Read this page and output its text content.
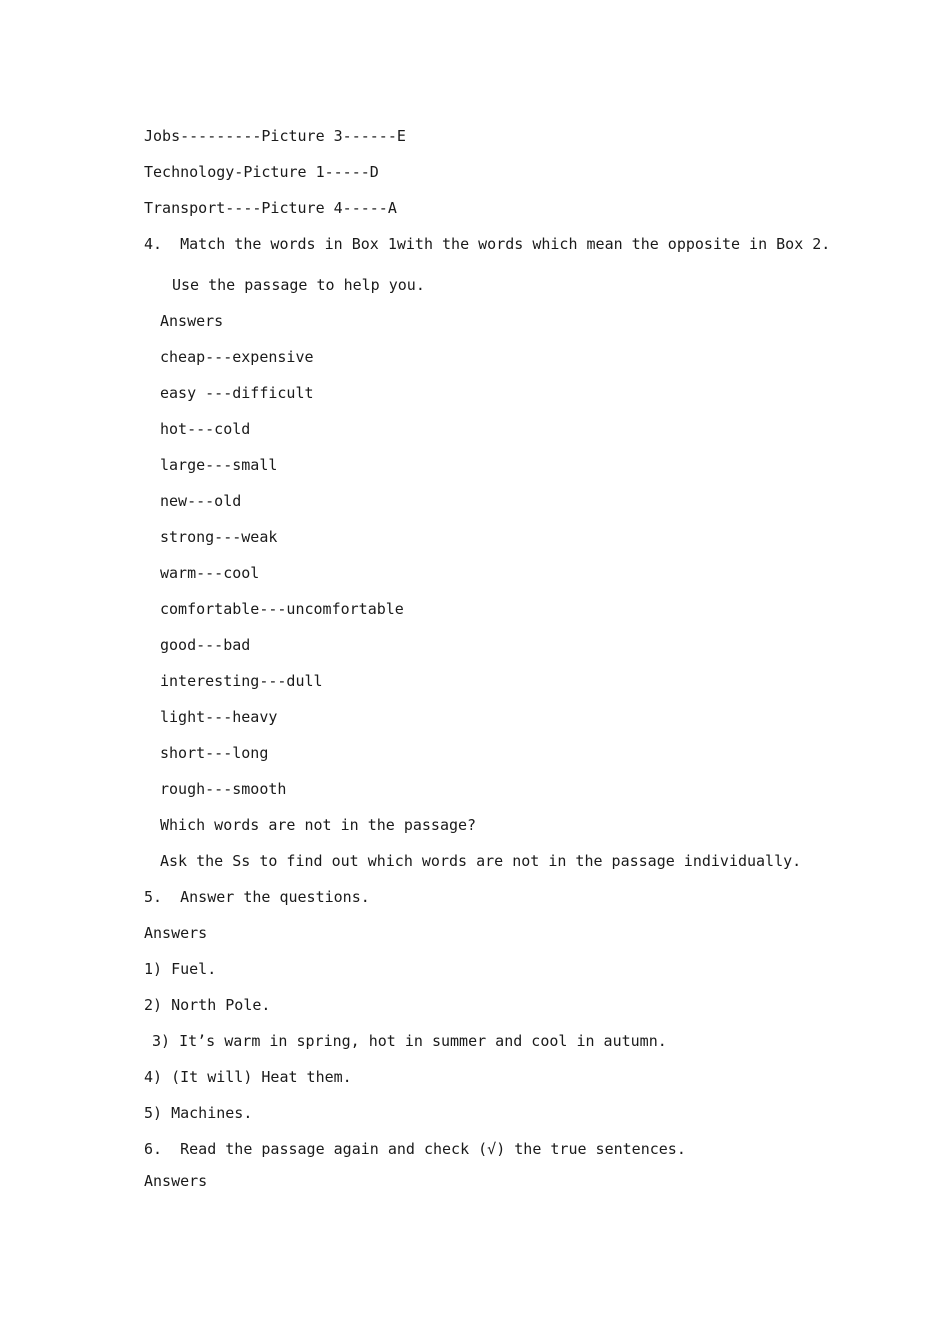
Jobs---------Picture 3------E
Technology-Picture 1-----D
Transport----Picture 4-----A
4.  Match the words in Box 1with the words which mean the opposite in Box 2.
Use the passage to help you.
Answers
cheap---expensive
easy ---difficult
hot---cold
large---small
new---old
strong---weak
warm---cool
comfortable---uncomfortable
good---bad
interesting---dull
light---heavy
short---long
rough---smooth
Which words are not in the passage?
Ask the Ss to find out which words are not in the passage individually.
5.  Answer the questions.
Answers
1) Fuel.
2) North Pole.
3) It’s warm in spring, hot in summer and cool in autumn.
4) (It will) Heat them.
5) Machines.
6.  Read the passage again and check (√) the true sentences.
Answers
